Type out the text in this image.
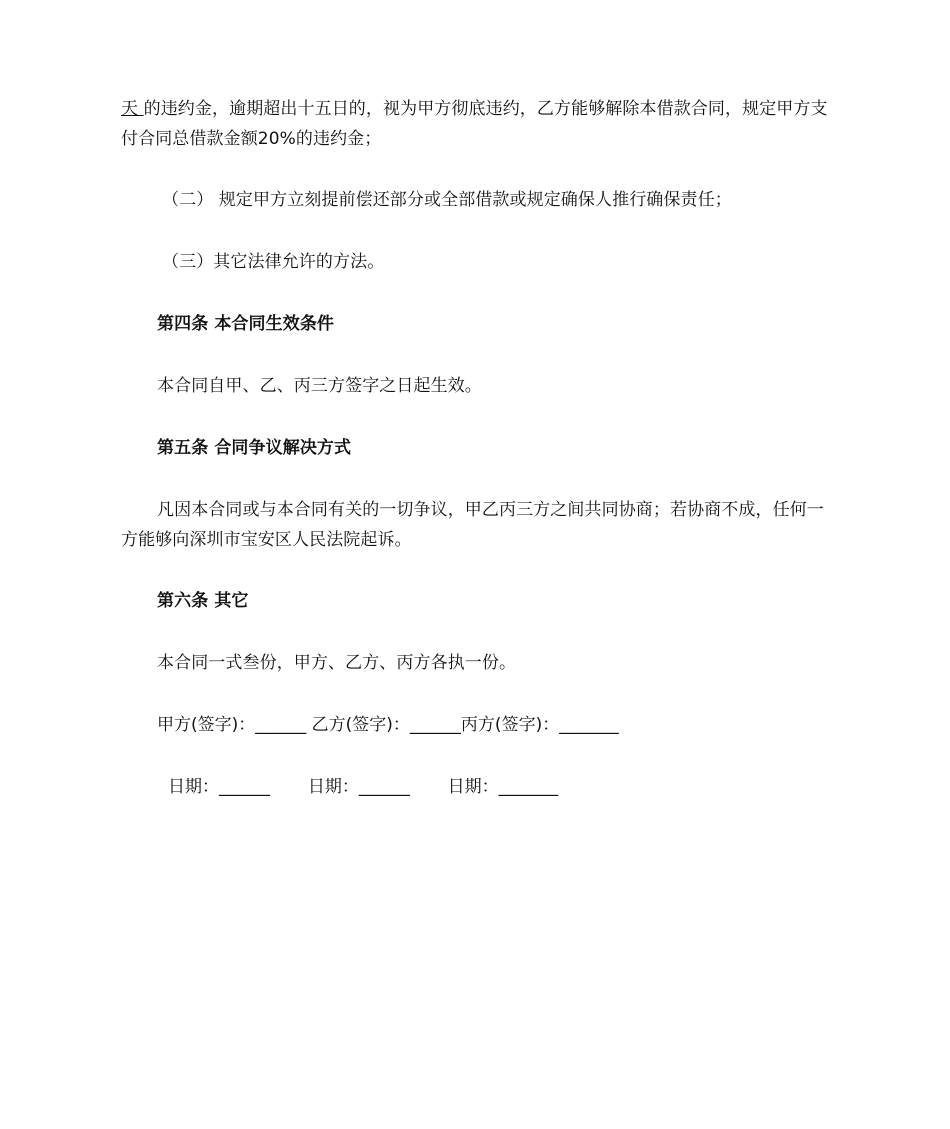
天 的违约金，逾期超出十五日的，视为甲方彻底违约，乙方能够解除本借款合同，规定甲方支付合同总借款金额20%的违约金；
（二） 规定甲方立刻提前偿还部分或全部借款或规定确保人推行确保责任；
（三）其它法律允许的方法。
第四条 本合同生效条件
本合同自甲、乙、丙三方签字之日起生效。
第五条 合同争议解决方式
凡因本合同或与本合同有关的一切争议，甲乙丙三方之间共同协商；若协商不成，任何一方能够向深圳市宝安区人民法院起诉。
第六条 其它
本合同一式叁份，甲方、乙方、丙方各执一份。
甲方(签字)：______ 乙方(签字)：______丙方(签字)：_______
日期：______       日期：______       日期：_______
